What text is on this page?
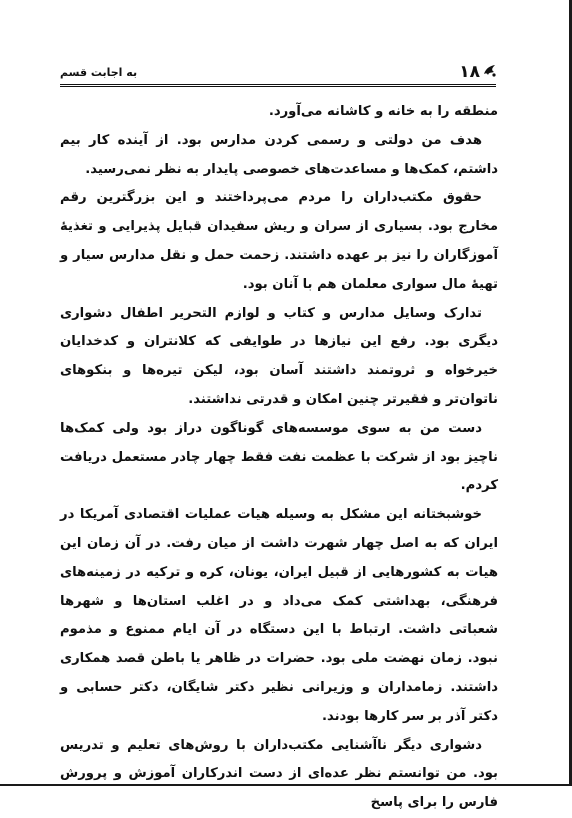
۱۸
به اجابت قسم

منطقه را به خانه و کاشانه می‌آورد.

هدف من دولتی و رسمی کردن مدارس بود. از آینده کار بیم داشتم، کمک‌ها و مساعدت‌های خصوصی پایدار به نظر نمی‌رسید.

حقوق مکتب‌داران را مردم می‌پرداختند و این بزرگترین رقم مخارج بود. بسیاری از سران و ریش سفیدان قبایل پذیرایی و تغذیهٔ آموزگاران را نیز بر عهده داشتند. زحمت حمل و نقل مدارس سیار و تهیهٔ مال سواری معلمان هم با آنان بود.

تدارک وسایل مدارس و کتاب و لوازم التحریر اطفال دشواری دیگری بود. رفع این نیازها در طوایفی که کلانتران و کدخدایان خیرخواه و ثروتمند داشتند آسان بود، لیکن تیره‌ها و بنکوهای ناتوان‌تر و فقیرتر چنین امکان و قدرتی نداشتند.

دست من به سوی موسسه‌های گوناگون دراز بود ولی کمک‌ها ناچیز بود از شرکت با عظمت نفت فقط چهار چادر مستعمل دریافت کردم.

خوشبختانه این مشکل به وسیله هیات عملیات اقتصادی آمریکا در ایران که به اصل چهار شهرت داشت از میان رفت. در آن زمان این هیات به کشورهایی از قبیل ایران، یونان، کره و ترکیه در زمینه‌های فرهنگی، بهداشتی کمک می‌داد و در اغلب استان‌ها و شهرها شعباتی داشت. ارتباط با این دستگاه در آن ایام ممنوع و مذموم نبود. زمان نهضت ملی بود. حضرات در ظاهر یا باطن قصد همکاری داشتند. زمامداران و وزیرانی نظیر دکتر شایگان، دکتر حسابی و دکتر آذر بر سر کارها بودند.

دشواری دیگر ناآشنایی مکتب‌داران با روش‌های تعلیم و تدریس بود. من توانستم نظر عده‌ای از دست اندرکاران آموزش و پرورش فارس را برای پاسخ
